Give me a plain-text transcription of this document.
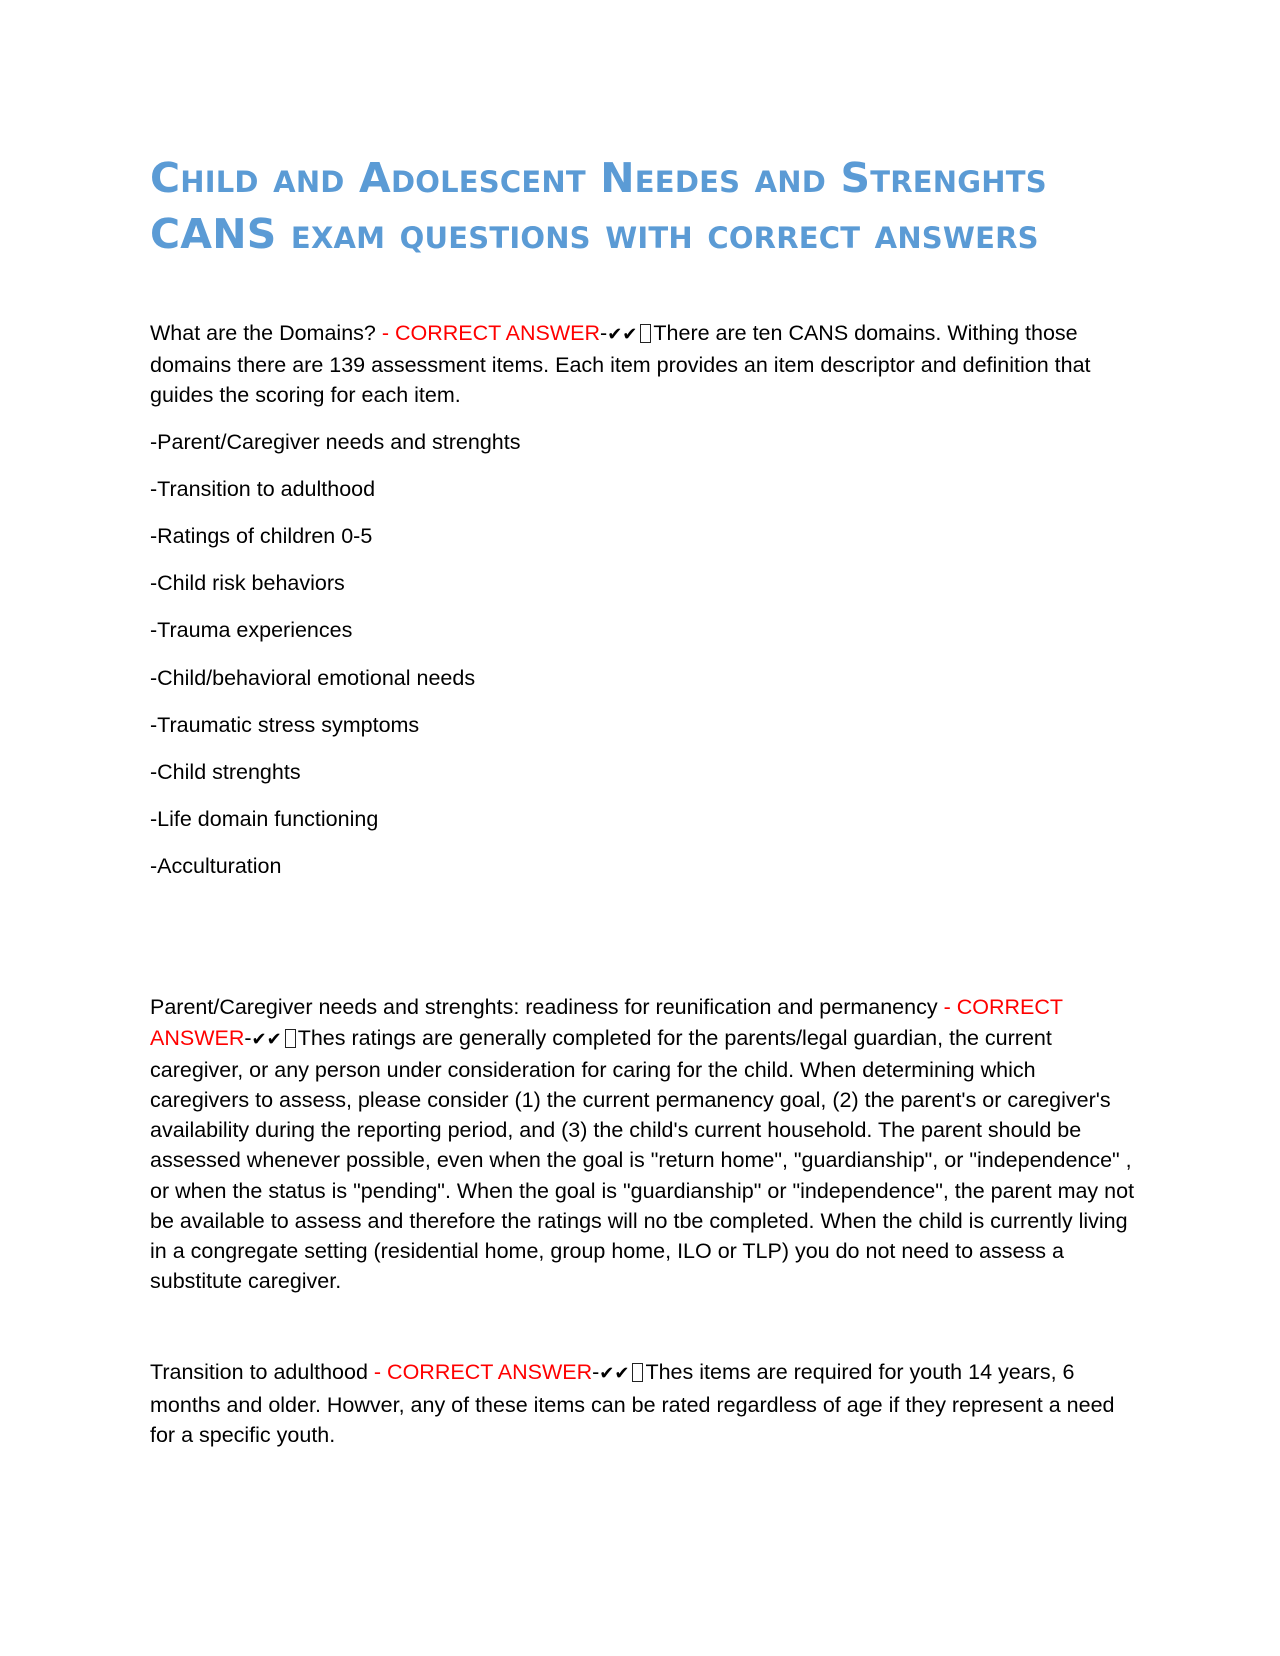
Child and Adolescent Needes and Strenghts CANS exam questions with correct answers

What are the Domains? - CORRECT ANSWER-✔✔ There are ten CANS domains. Withing those domains there are 139 assessment items. Each item provides an item descriptor and definition that guides the scoring for each item.

-Parent/Caregiver needs and strenghts
-Transition to adulthood
-Ratings of children 0-5
-Child risk behaviors
-Trauma experiences
-Child/behavioral emotional needs
-Traumatic stress symptoms
-Child strenghts
-Life domain functioning
-Acculturation

Parent/Caregiver needs and strenghts: readiness for reunification and permanency - CORRECT ANSWER-✔✔ Thes ratings are generally completed for the parents/legal guardian, the current caregiver, or any person under consideration for caring for the child. When determining which caregivers to assess, please consider (1) the current permanency goal, (2) the parent's or caregiver's availability during the reporting period, and (3) the child's current household. The parent should be assessed whenever possible, even when the goal is "return home", "guardianship", or "independence" , or when the status is "pending". When the goal is "guardianship" or "independence", the parent may not be available to assess and therefore the ratings will no tbe completed. When the child is currently living in a congregate setting (residential home, group home, ILO or TLP) you do not need to assess a substitute caregiver.

Transition to adulthood - CORRECT ANSWER-✔✔ Thes items are required for youth 14 years, 6 months and older. Howver, any of these items can be rated regardless of age if they represent a need for a specific youth.
